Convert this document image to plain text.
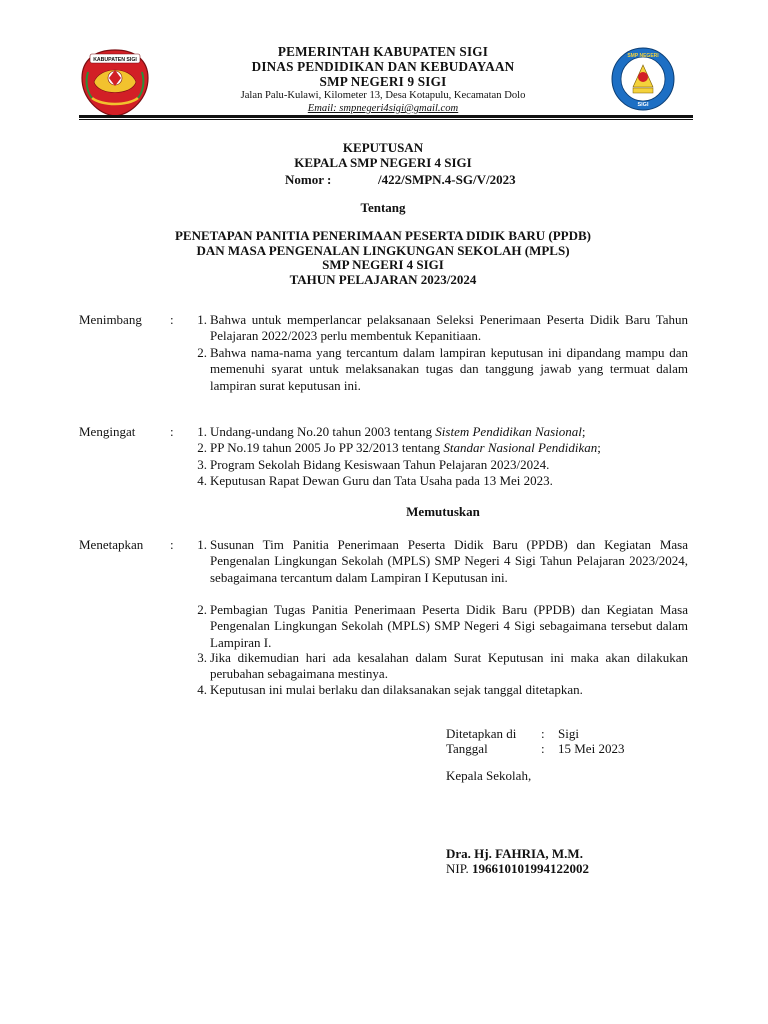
KABUPATEN SIGI
SMP NEGERI
SIGI
PEMERINTAH KABUPATEN SIGI
DINAS PENDIDIKAN DAN KEBUDAYAAN
SMP NEGERI 9 SIGI
Jalan Palu-Kulawi, Kilometer 13, Desa Kotapulu, Kecamatan Dolo
Email: smpnegeri4sigi@gmail.com
KEPUTUSAN
KEPALA SMP NEGERI 4 SIGI
Nomor :	/422/SMPN.4-SG/V/2023
Tentang
PENETAPAN PANITIA PENERIMAAN PESERTA DIDIK BARU (PPDB)
DAN MASA PENGENALAN LINGKUNGAN SEKOLAH (MPLS)
SMP NEGERI 4 SIGI
TAHUN PELAJARAN 2023/2024
Menimbang :	1. Bahwa untuk memperlancar pelaksanaan Seleksi Penerimaan Peserta Didik Baru Tahun Pelajaran 2022/2023 perlu membentuk Kepanitiaan.
2. Bahwa nama-nama yang tercantum dalam lampiran keputusan ini dipandang mampu dan memenuhi syarat untuk melaksanakan tugas dan tanggung jawab yang termuat dalam lampiran surat keputusan ini.
Mengingat	:	1. Undang-undang No.20 tahun 2003 tentang Sistem Pendidikan Nasional;
2. PP No.19 tahun 2005 Jo PP 32/2013 tentang Standar Nasional Pendidikan;
3. Program Sekolah Bidang Kesiswaan Tahun Pelajaran 2023/2024.
4. Keputusan Rapat Dewan Guru dan Tata Usaha pada 13 Mei 2023.
Memutuskan
Menetapkan :	1. Susunan Tim Panitia Penerimaan Peserta Didik Baru (PPDB) dan Kegiatan Masa Pengenalan Lingkungan Sekolah (MPLS) SMP Negeri 4 Sigi Tahun Pelajaran 2023/2024, sebagaimana tercantum dalam Lampiran I Keputusan ini.
2. Pembagian Tugas Panitia Penerimaan Peserta Didik Baru (PPDB) dan Kegiatan Masa Pengenalan Lingkungan Sekolah (MPLS) SMP Negeri 4 Sigi sebagaimana tersebut dalam Lampiran I.
3. Jika dikemudian hari ada kesalahan dalam Surat Keputusan ini maka akan dilakukan perubahan sebagaimana mestinya.
4. Keputusan ini mulai berlaku dan dilaksanakan sejak tanggal ditetapkan.
Ditetapkan di : Sigi
Tanggal	: 15 Mei 2023
Kepala Sekolah,
Dra. Hj. FAHRIA, M.M.
NIP. 196610101994122002
